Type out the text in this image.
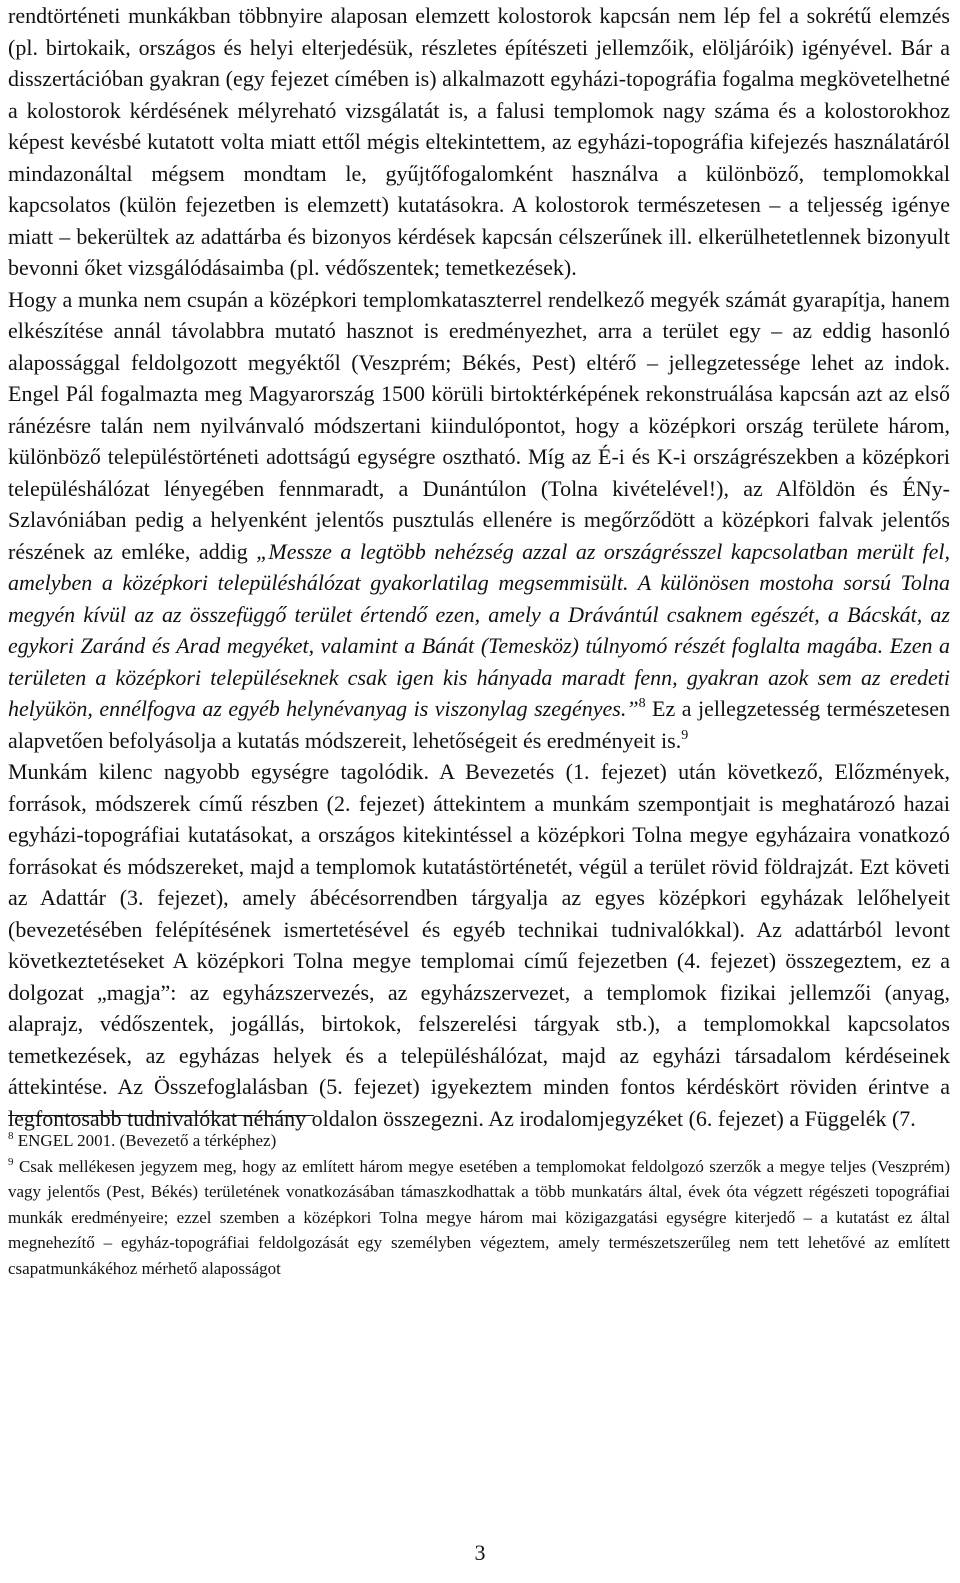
rendtörténeti munkákban többnyire alaposan elemzett kolostorok kapcsán nem lép fel a sokrétű elemzés (pl. birtokaik, országos és helyi elterjedésük, részletes építészeti jellemzőik, elöljáróik) igényével. Bár a disszertációban gyakran (egy fejezet címében is) alkalmazott egyházi-topográfia fogalma megkövetelhetné a kolostorok kérdésének mélyreható vizsgálatát is, a falusi templomok nagy száma és a kolostorokhoz képest kevésbé kutatott volta miatt ettől mégis eltekintettem, az egyházi-topográfia kifejezés használatáról mindazonáltal mégsem mondtam le, gyűjtőfogalomként használva a különböző, templomokkal kapcsolatos (külön fejezetben is elemzett) kutatásokra. A kolostorok természetesen – a teljesség igénye miatt – bekerültek az adattárba és bizonyos kérdések kapcsán célszerűnek ill. elkerülhetetlennek bizonyult bevonni őket vizsgálódásaimba (pl. védőszentek; temetkezések).

Hogy a munka nem csupán a középkori templomkataszterrel rendelkező megyék számát gyarapítja, hanem elkészítése annál távolabbra mutató hasznot is eredményezhet, arra a terület egy – az eddig hasonló alapossággal feldolgozott megyéktől (Veszprém; Békés, Pest) eltérő – jellegzetessége lehet az indok. Engel Pál fogalmazta meg Magyarország 1500 körüli birtoktérképének rekonstruálása kapcsán azt az első ránézésre talán nem nyilvánvaló módszertani kiindulópontot, hogy a középkori ország területe három, különböző településtörténeti adottságú egységre osztható. Míg az É-i és K-i országrészekben a középkori településhálózat lényegében fennmaradt, a Dunántúlon (Tolna kivételével!), az Alföldön és ÉNy-Szlavóniában pedig a helyenként jelentős pusztulás ellenére is megőrződött a középkori falvak jelentős részének az emléke, addig „Messze a legtöbb nehézség azzal az országrésszel kapcsolatban merült fel, amelyben a középkori településhálózat gyakorlatilag megsemmisült. A különösen mostoha sorsú Tolna megyén kívül az az összefüggő terület értendő ezen, amely a Drávántúl csaknem egészét, a Bácskát, az egykori Zaránd és Arad megyéket, valamint a Bánát (Temesköz) túlnyomó részét foglalta magába. Ezen a területen a középkori településeknek csak igen kis hányada maradt fenn, gyakran azok sem az eredeti helyükön, ennélfogva az egyéb helynévanyag is viszonylag szegényes.”$^8$ Ez a jellegzetesség természetesen alapvetően befolyásolja a kutatás módszereit, lehetőségeit és eredményeit is.$^9$

Munkám kilenc nagyobb egységre tagolódik. A Bevezetés (1. fejezet) után következő, Előzmények, források, módszerek című részben (2. fejezet) áttekintem a munkám szempontjait is meghatározó hazai egyházi-topográfiai kutatásokat, a országos kitekintéssel a középkori Tolna megye egyházaira vonatkozó forrásokat és módszereket, majd a templomok kutatástörténetét, végül a terület rövid földrajzát. Ezt követi az Adattár (3. fejezet), amely ábécésorrendben tárgyalja az egyes középkori egyházak lelőhelyeit (bevezetésében felépítésének ismertetésével és egyéb technikai tudnivalókkal). Az adattárból levont következtetéseket A középkori Tolna megye templomai című fejezetben (4. fejezet) összegeztem, ez a dolgozat „magja”: az egyházszervezés, az egyházszervezet, a templomok fizikai jellemzői (anyag, alaprajz, védőszentek, jogállás, birtokok, felszerelési tárgyak stb.), a templomokkal kapcsolatos temetkezések, az egyházas helyek és a településhálózat, majd az egyházi társadalom kérdéseinek áttekintése. Az Összefoglalásban (5. fejezet) igyekeztem minden fontos kérdéskört röviden érintve a legfontosabb tudnivalókat néhány oldalon összegezni. Az irodalomjegyzéket (6. fejezet) a Függelék (7.

$^8$ ENGEL 2001. (Bevezető a térképhez)

$^9$ Csak mellékesen jegyzem meg, hogy az említett három megye esetében a templomokat feldolgozó szerzők a megye teljes (Veszprém) vagy jelentős (Pest, Békés) területének vonatkozásában támaszkodhattak a több munkatárs által, évek óta végzett régészeti topográfiai munkák eredményeire; ezzel szemben a középkori Tolna megye három mai közigazgatási egységre kiterjedő – a kutatást ez által megnehezítő – egyház-topográfiai feldolgozását egy személyben végeztem, amely természetszerűleg nem tett lehetővé az említett csapatmunkákéhoz mérhető alaposságot

3
